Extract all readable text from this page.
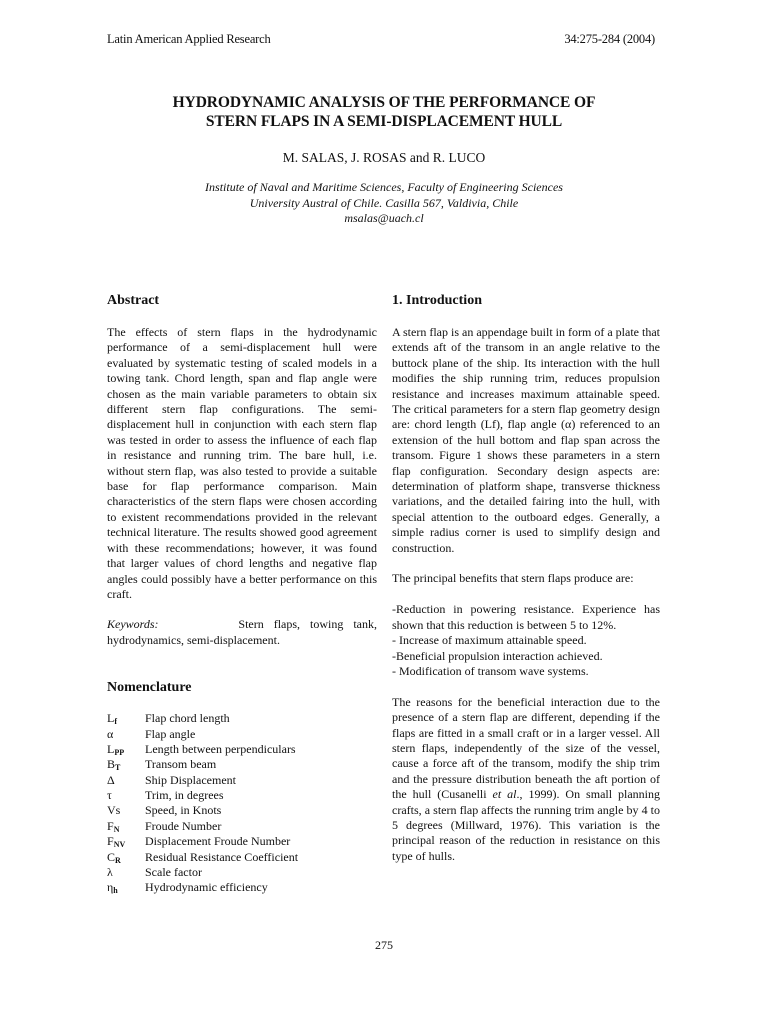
Latin American Applied Research	34:275-284 (2004)
HYDRODYNAMIC ANALYSIS OF THE PERFORMANCE OF
STERN FLAPS IN A SEMI-DISPLACEMENT HULL
M. SALAS, J. ROSAS and R. LUCO
Institute of Naval and Maritime Sciences, Faculty of Engineering Sciences
University Austral of Chile. Casilla 567, Valdivia, Chile
msalas@uach.cl
Abstract

The effects of stern flaps in the hydrodynamic performance of a semi-displacement hull were evaluated by systematic testing of scaled models in a towing tank. Chord length, span and flap angle were chosen as the main variable parameters to obtain six different stern flap configurations. The semi-displacement hull in conjunction with each stern flap was tested in order to assess the influence of each flap in resistance and running trim. The bare hull, i.e. without stern flap, was also tested to provide a suitable base for flap performance comparison. Main characteristics of the stern flaps were chosen according to existent recommendations provided in the relevant technical literature. The results showed good agreement with these recommendations; however, it was found that larger values of chord lengths and negative flap angles could possibly have a better performance on this craft.

Keywords:	Stern flaps, towing tank, hydrodynamics, semi-displacement.

Nomenclature
$L_f$	Flap chord length
α	Flap angle
$L_{PP}$	Length between perpendiculars
$B_T$	Transom beam
Δ	Ship Displacement
τ	Trim, in degrees
Vs	Speed, in Knots
$F_N$	Froude Number
$F_{NV}$	Displacement Froude Number
$C_R$	Residual Resistance Coefficient
λ	Scale factor
$\eta_h$	Hydrodynamic efficiency
1. Introduction

A stern flap is an appendage built in form of a plate that extends aft of the transom in an angle relative to the buttock plane of the ship. Its interaction with the hull modifies the ship running trim, reduces propulsion resistance and increases maximum attainable speed. The critical parameters for a stern flap geometry design are: chord length (Lf), flap angle (α) referenced to an extension of the hull bottom and flap span across the transom. Figure 1 shows these parameters in a stern flap configuration. Secondary design aspects are: determination of platform shape, transverse thickness variations, and the detailed fairing into the hull, with special attention to the outboard edges. Generally, a simple radius corner is used to simplify design and construction.

The principal benefits that stern flaps produce are:

-Reduction in powering resistance. Experience has shown that this reduction is between 5 to 12%.
- Increase of maximum attainable speed.
-Beneficial propulsion interaction achieved.
- Modification of transom wave systems.

The reasons for the beneficial interaction due to the presence of a stern flap are different, depending if the flaps are fitted in a small craft or in a larger vessel. All stern flaps, independently of the size of the vessel, cause a force aft of the transom, modify the ship trim and the pressure distribution beneath the aft portion of the hull (Cusanelli et al., 1999). On small planning crafts, a stern flap affects the running trim angle by 4 to 5 degrees (Millward, 1976). This variation is the principal reason of the reduction in resistance on this type of hulls.

275
